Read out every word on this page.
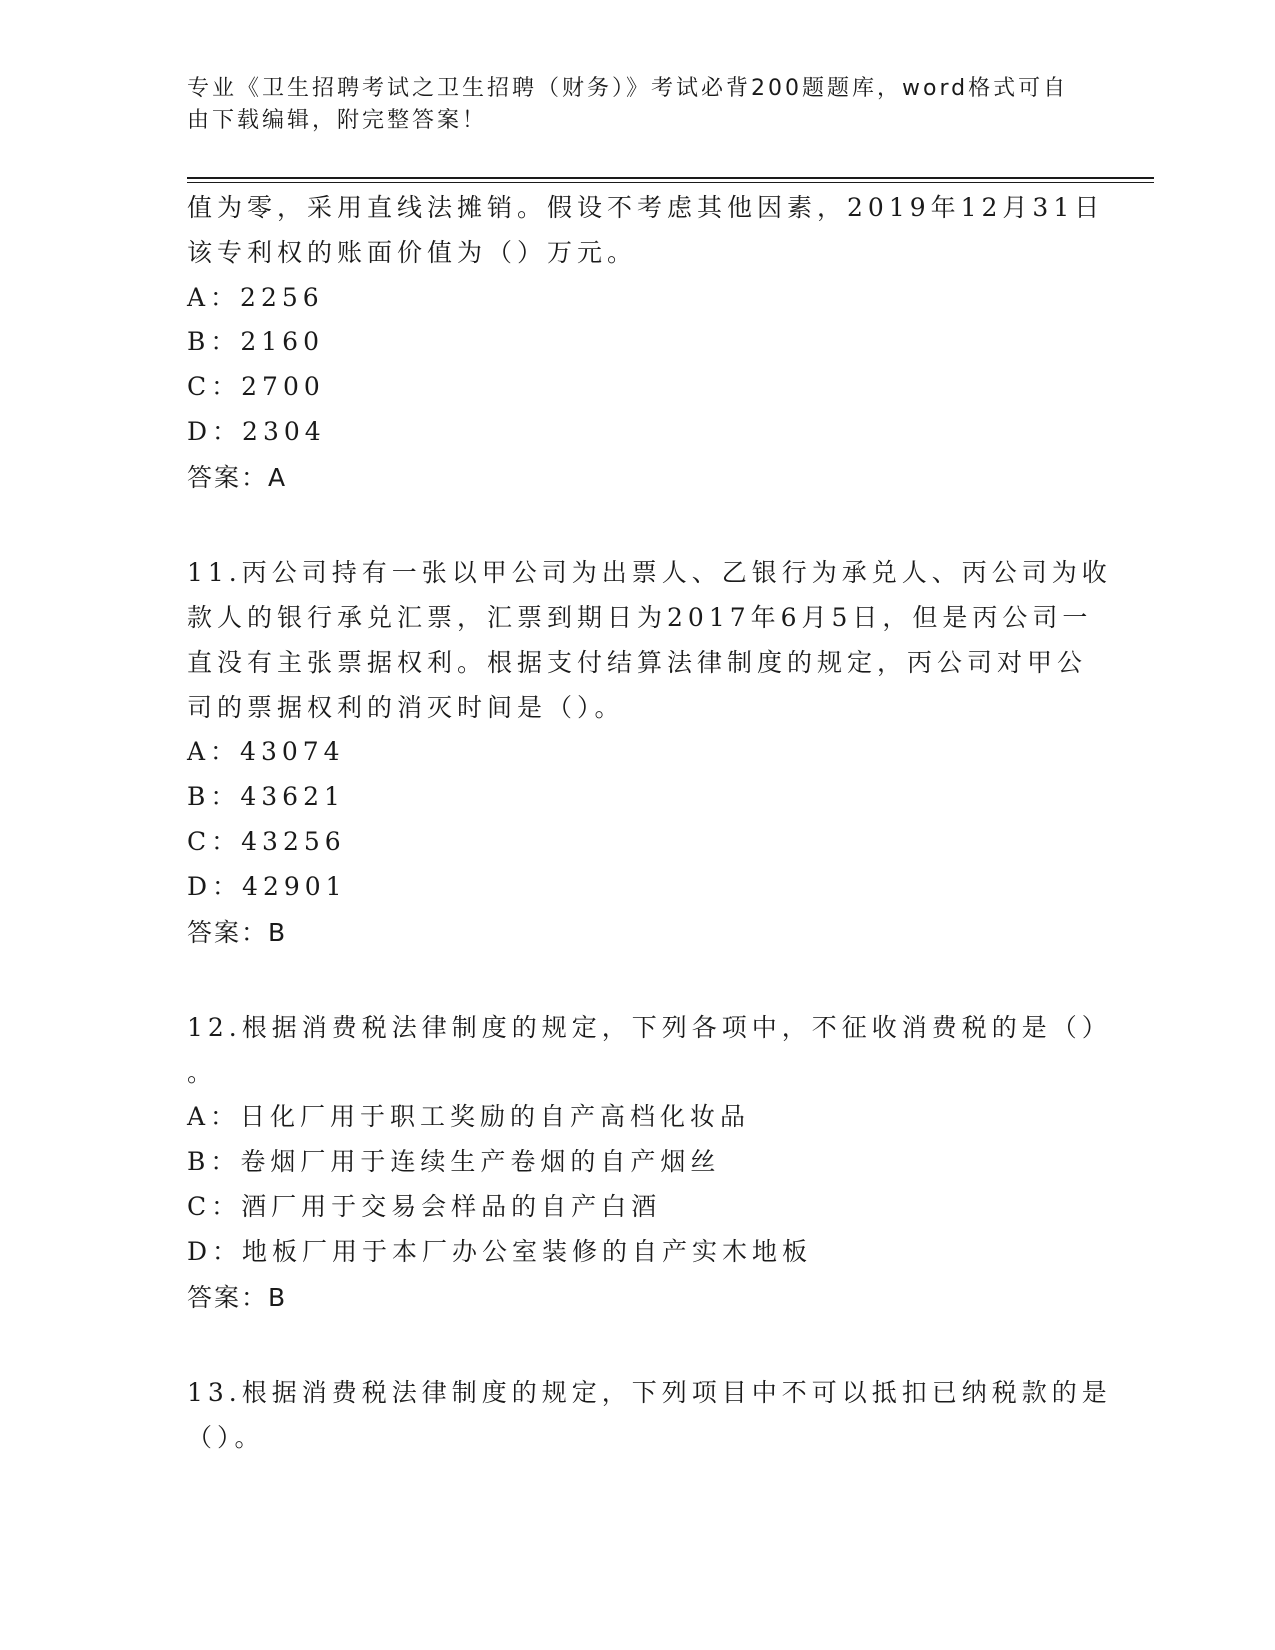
专业《卫生招聘考试之卫生招聘（财务）》考试必背200题题库，word格式可自
由下载编辑，附完整答案！
值为零，采用直线法摊销。假设不考虑其他因素，2019年12月31日
该专利权的账面价值为（）万元。
A：2256
B：2160
C：2700
D：2304
答案：A
11.丙公司持有一张以甲公司为出票人、乙银行为承兑人、丙公司为收
款人的银行承兑汇票，汇票到期日为2017年6月5日，但是丙公司一
直没有主张票据权利。根据支付结算法律制度的规定，丙公司对甲公
司的票据权利的消灭时间是（）。
A：43074
B：43621
C：43256
D：42901
答案：B
12.根据消费税法律制度的规定，下列各项中，不征收消费税的是（）
。
A：日化厂用于职工奖励的自产高档化妆品
B：卷烟厂用于连续生产卷烟的自产烟丝
C：酒厂用于交易会样品的自产白酒
D：地板厂用于本厂办公室装修的自产实木地板
答案：B
13.根据消费税法律制度的规定，下列项目中不可以抵扣已纳税款的是
（）。
